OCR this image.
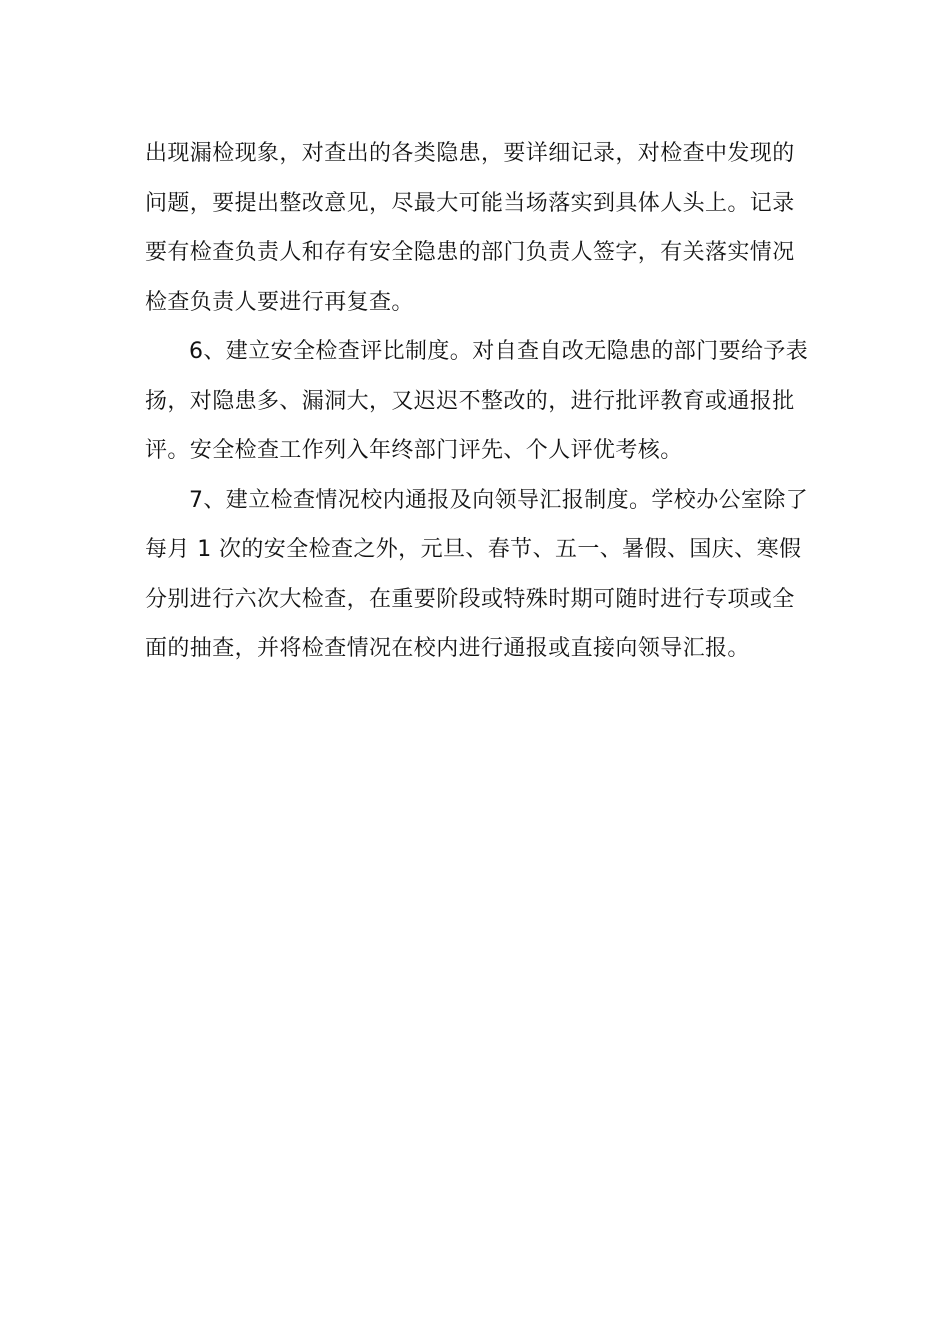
出现漏检现象，对查出的各类隐患，要详细记录，对检查中发现的
问题，要提出整改意见，尽最大可能当场落实到具体人头上。记录
要有检查负责人和存有安全隐患的部门负责人签字，有关落实情况
检查负责人要进行再复查。
6、建立安全检查评比制度。对自查自改无隐患的部门要给予表
扬，对隐患多、漏洞大，又迟迟不整改的，进行批评教育或通报批
评。安全检查工作列入年终部门评先、个人评优考核。
7、建立检查情况校内通报及向领导汇报制度。学校办公室除了
每月 1 次的安全检查之外，元旦、春节、五一、暑假、国庆、寒假
分别进行六次大检查，在重要阶段或特殊时期可随时进行专项或全
面的抽查，并将检查情况在校内进行通报或直接向领导汇报。
